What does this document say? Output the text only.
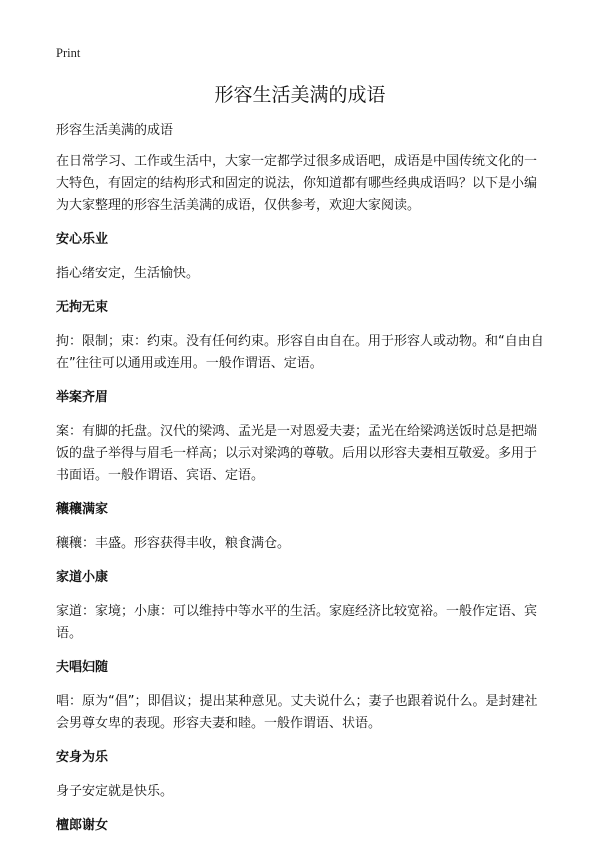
Print
形容生活美满的成语

形容生活美满的成语

在日常学习、工作或生活中，大家一定都学过很多成语吧，成语是中国传统文化的一大特色，有固定的结构形式和固定的说法，你知道都有哪些经典成语吗？以下是小编为大家整理的形容生活美满的成语，仅供参考，欢迎大家阅读。

安心乐业

指心绪安定，生活愉快。

无拘无束

拘：限制；束：约束。没有任何约束。形容自由自在。用于形容人或动物。和“自由自在”往往可以通用或连用。一般作谓语、定语。

举案齐眉

案：有脚的托盘。汉代的梁鸿、孟光是一对恩爱夫妻；孟光在给梁鸿送饭时总是把端饭的盘子举得与眉毛一样高；以示对梁鸿的尊敬。后用以形容夫妻相互敬爱。多用于书面语。一般作谓语、宾语、定语。

穰穰满家

穰穰：丰盛。形容获得丰收，粮食满仓。

家道小康

家道：家境；小康：可以维持中等水平的生活。家庭经济比较宽裕。一般作定语、宾语。

夫唱妇随

唱：原为“倡”；即倡议；提出某种意见。丈夫说什么；妻子也跟着说什么。是封建社会男尊女卑的表现。形容夫妻和睦。一般作谓语、状语。

安身为乐

身子安定就是快乐。

檀郎谢女
